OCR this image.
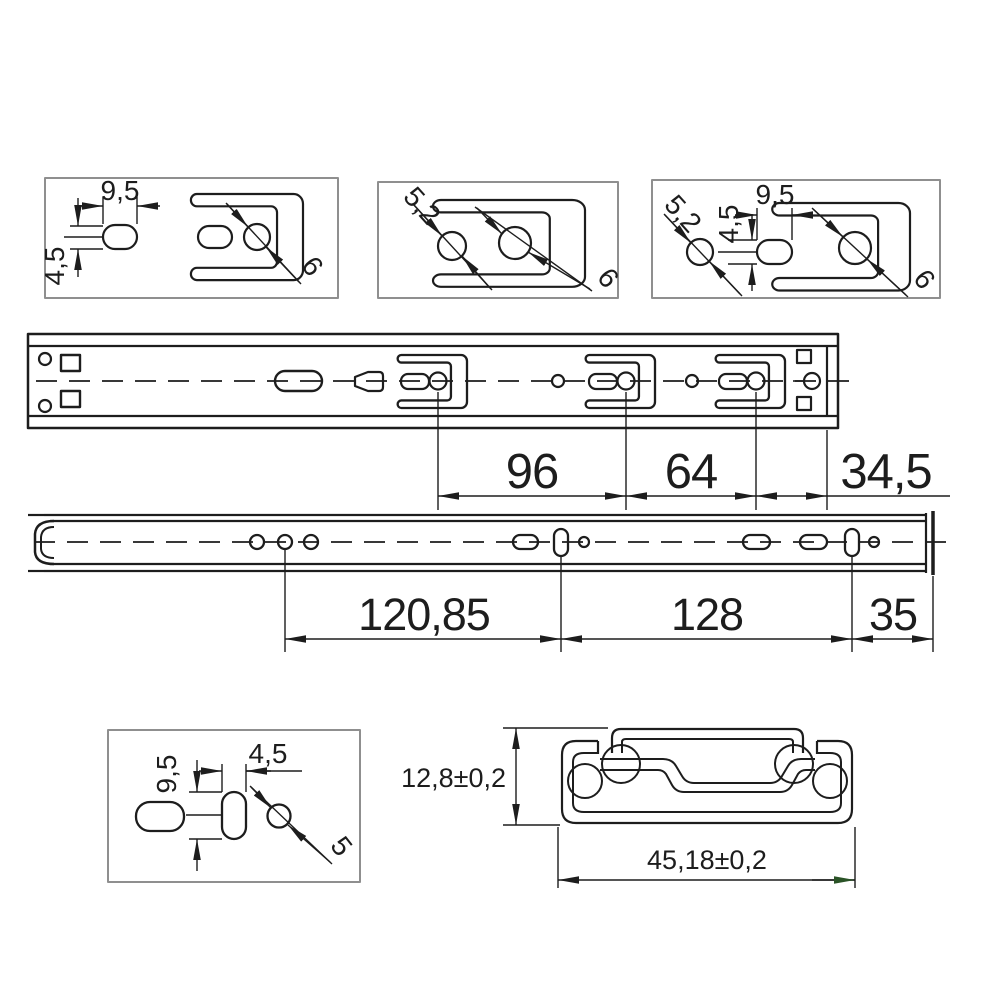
9,5
4,5	6
5,2
6
5,2 9,5
4,5
6
96 64	34,5
120,85	128	35
9,5
4,5
5
12,8±0,2
45,18±0,2
